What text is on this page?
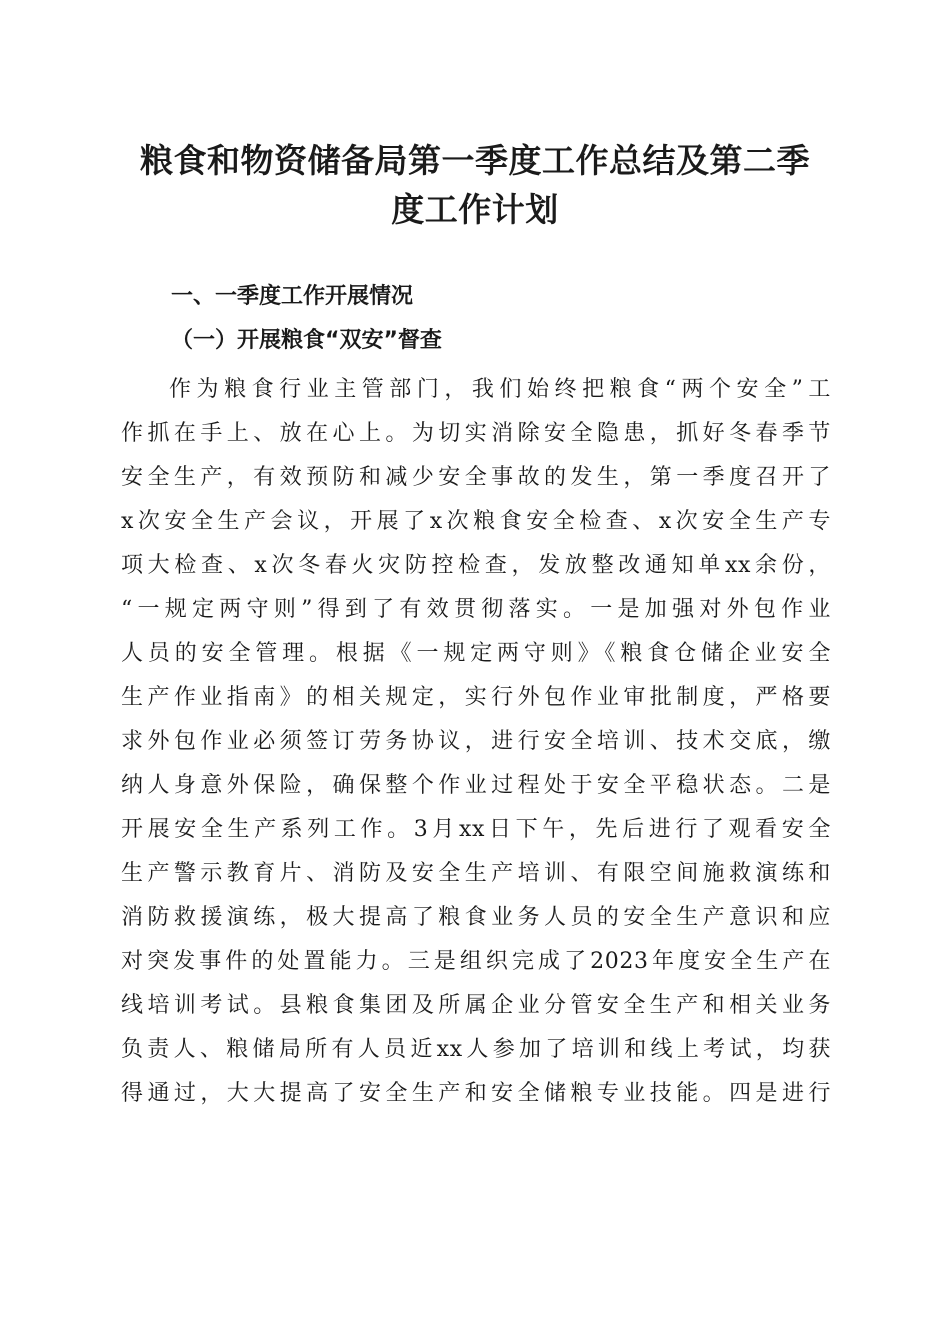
粮食和物资储备局第一季度工作总结及第二季
度工作计划
一、一季度工作开展情况
（一）开展粮食“双安”督查
作为粮食行业主管部门，我们始终把粮食“两个安全”工
作抓在手上、放在心上。为切实消除安全隐患，抓好冬春季节
安全生产，有效预防和减少安全事故的发生，第一季度召开了
x次安全生产会议，开展了x次粮食安全检查、x次安全生产专
项大检查、x次冬春火灾防控检查，发放整改通知单xx余份，
“一规定两守则”得到了有效贯彻落实。一是加强对外包作业
人员的安全管理。根据《一规定两守则》《粮食仓储企业安全
生产作业指南》的相关规定，实行外包作业审批制度，严格要
求外包作业必须签订劳务协议，进行安全培训、技术交底，缴
纳人身意外保险，确保整个作业过程处于安全平稳状态。二是
开展安全生产系列工作。3月xx日下午，先后进行了观看安全
生产警示教育片、消防及安全生产培训、有限空间施救演练和
消防救援演练，极大提高了粮食业务人员的安全生产意识和应
对突发事件的处置能力。三是组织完成了2023年度安全生产在
线培训考试。县粮食集团及所属企业分管安全生产和相关业务
负责人、粮储局所有人员近xx人参加了培训和线上考试，均获
得通过，大大提高了安全生产和安全储粮专业技能。四是进行
